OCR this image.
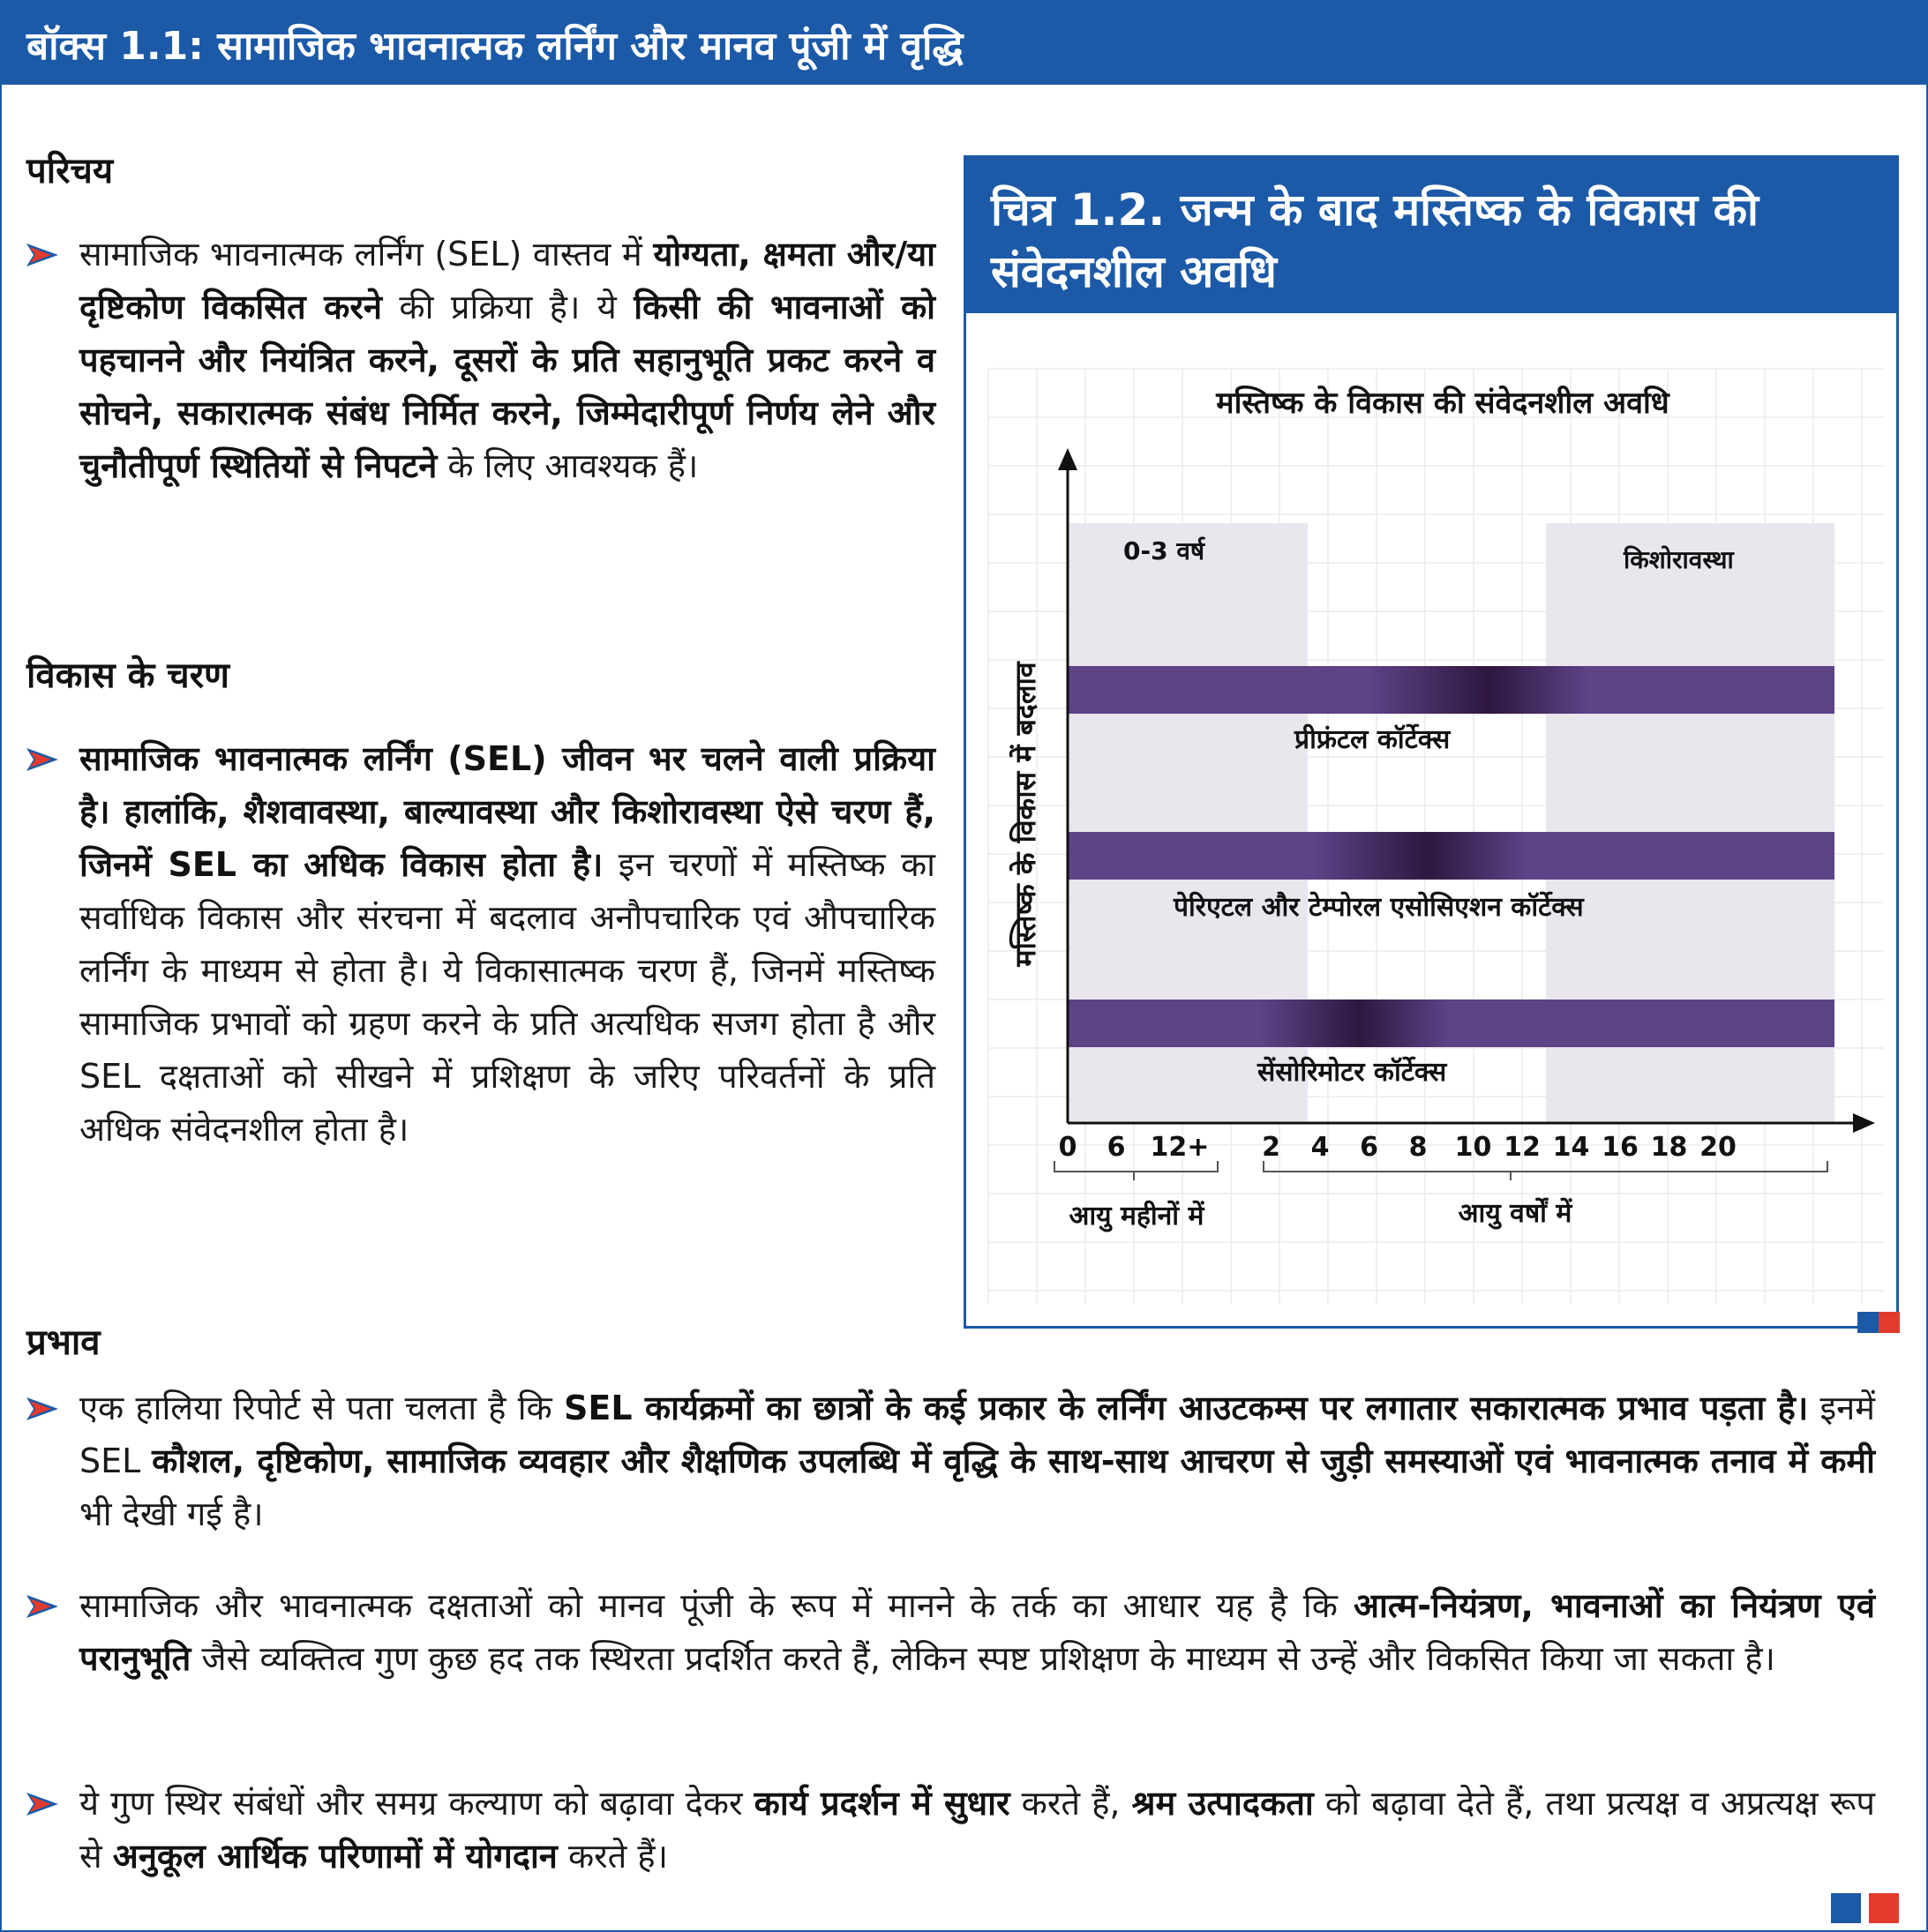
बॉक्स 1.1: सामाजिक भावनात्मक लर्निंग और मानव पूंजी में वृद्धि
परिचय
सामाजिक भावनात्मक लर्निंग (SEL) वास्तव में योग्यता, क्षमता और/या दृष्टिकोण विकसित करने की प्रक्रिया है। ये किसी की भावनाओं को पहचानने और नियंत्रित करने, दूसरों के प्रति सहानुभूति प्रकट करने व सोचने, सकारात्मक संबंध निर्मित करने, जिम्मेदारीपूर्ण निर्णय लेने और चुनौतीपूर्ण स्थितियों से निपटने के लिए आवश्यक हैं।
विकास के चरण
सामाजिक भावनात्मक लर्निंग (SEL) जीवन भर चलने वाली प्रक्रिया है। हालांकि, शैशवावस्था, बाल्यावस्था और किशोरावस्था ऐसे चरण हैं, जिनमें SEL का अधिक विकास होता है। इन चरणों में मस्तिष्क का सर्वाधिक विकास और संरचना में बदलाव अनौपचारिक एवं औपचारिक लर्निंग के माध्यम से होता है। ये विकासात्मक चरण हैं, जिनमें मस्तिष्क सामाजिक प्रभावों को ग्रहण करने के प्रति अत्यधिक सजग होता है और SEL दक्षताओं को सीखने में प्रशिक्षण के जरिए परिवर्तनों के प्रति अधिक संवेदनशील होता है।
चित्र 1.2. जन्म के बाद मस्तिष्क के विकास की संवेदनशील अवधि
मस्तिष्क के विकास की संवेदनशील अवधि
0-3 वर्ष	किशोरावस्था
प्रीफ्रंटल कॉर्टेक्स
पेरिएटल और टेम्पोरल एसोसिएशन कॉर्टेक्स
सेंसोरिमोटर कॉर्टेक्स
मस्तिष्क के विकास में बदलाव
0 6 12+ 2 4 6 8 10 12 14 16 18 20
आयु महीनों में	आयु वर्षों में
प्रभाव
एक हालिया रिपोर्ट से पता चलता है कि SEL कार्यक्रमों का छात्रों के कई प्रकार के लर्निंग आउटकम्स पर लगातार सकारात्मक प्रभाव पड़ता है। इनमें SEL कौशल, दृष्टिकोण, सामाजिक व्यवहार और शैक्षणिक उपलब्धि में वृद्धि के साथ-साथ आचरण से जुड़ी समस्याओं एवं भावनात्मक तनाव में कमी भी देखी गई है।
सामाजिक और भावनात्मक दक्षताओं को मानव पूंजी के रूप में मानने के तर्क का आधार यह है कि आत्म-नियंत्रण, भावनाओं का नियंत्रण एवं परानुभूति जैसे व्यक्तित्व गुण कुछ हद तक स्थिरता प्रदर्शित करते हैं, लेकिन स्पष्ट प्रशिक्षण के माध्यम से उन्हें और विकसित किया जा सकता है।
ये गुण स्थिर संबंधों और समग्र कल्याण को बढ़ावा देकर कार्य प्रदर्शन में सुधार करते हैं, श्रम उत्पादकता को बढ़ावा देते हैं, तथा प्रत्यक्ष व अप्रत्यक्ष रूप से अनुकूल आर्थिक परिणामों में योगदान करते हैं।
